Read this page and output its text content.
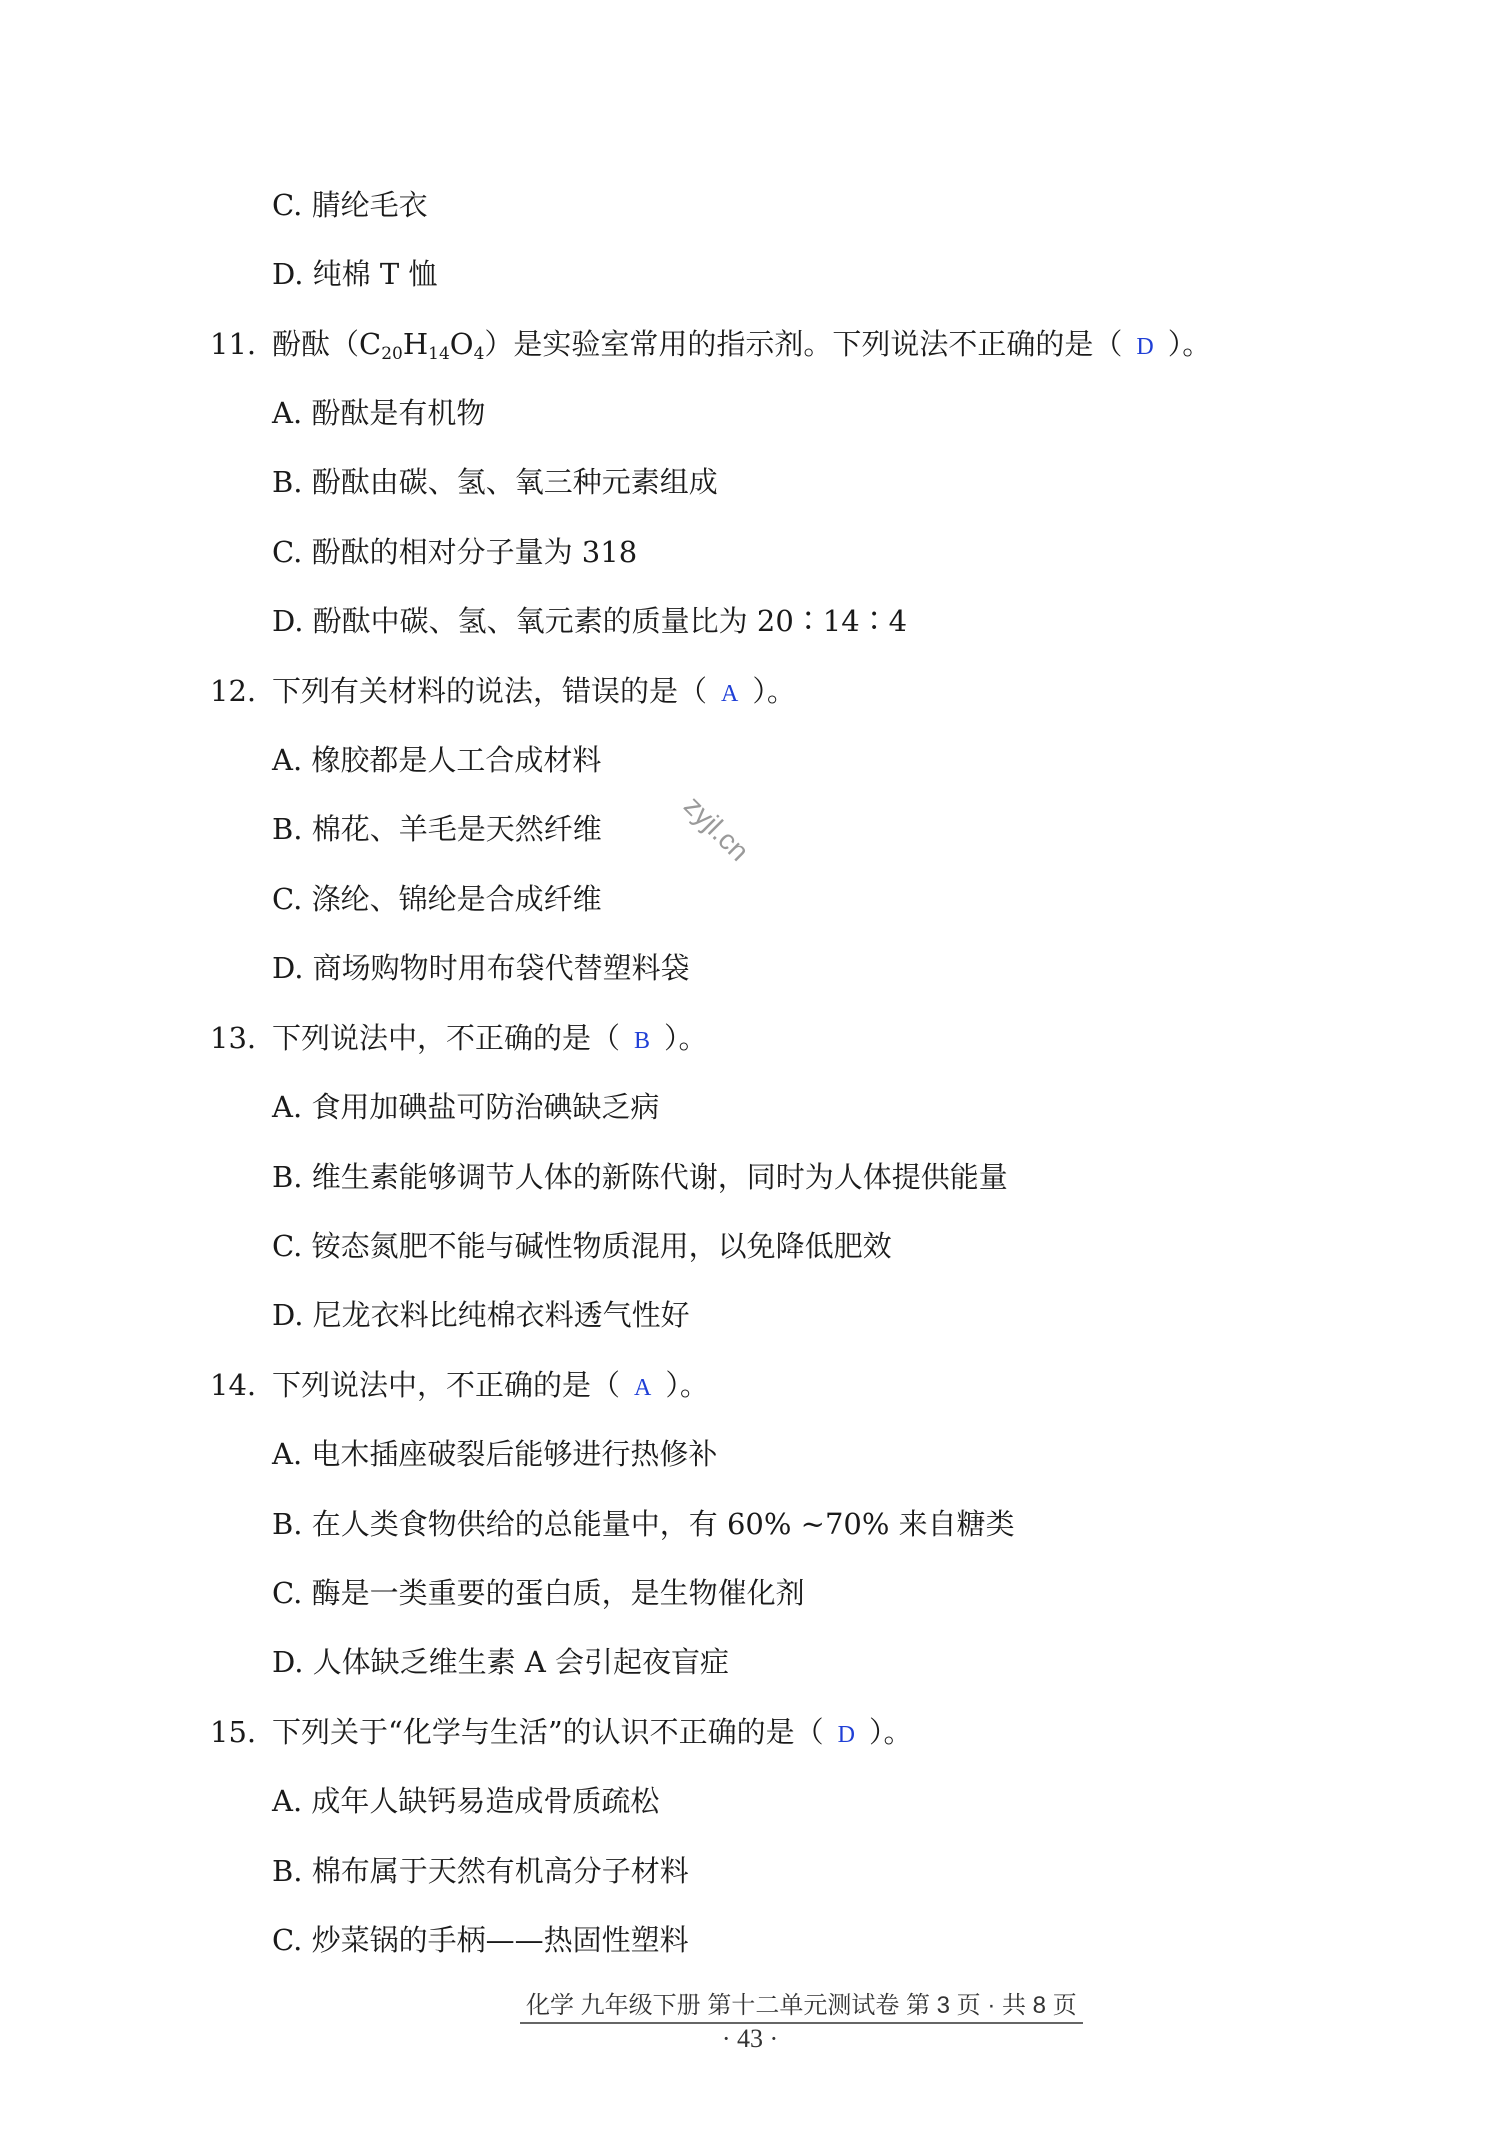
C. 腈纶毛衣
D. 纯棉 T 恤
11. 酚酞$(C_{20}H_{14}O_4)$是实验室常用的指示剂。下列说法不正确的是（ D ）。
A. 酚酞是有机物
B. 酚酞由碳、氢、氧三种元素组成
C. 酚酞的相对分子量为 318
D. 酚酞中碳、氢、氧元素的质量比为 20∶14∶4
12. 下列有关材料的说法，错误的是（ A ）。
A. 橡胶都是人工合成材料
B. 棉花、羊毛是天然纤维
C. 涤纶、锦纶是合成纤维
D. 商场购物时用布袋代替塑料袋
13. 下列说法中，不正确的是（ B ）。
A. 食用加碘盐可防治碘缺乏病
B. 维生素能够调节人体的新陈代谢，同时为人体提供能量
C. 铵态氮肥不能与碱性物质混用，以免降低肥效
D. 尼龙衣料比纯棉衣料透气性好
14. 下列说法中，不正确的是（ A ）。
A. 电木插座破裂后能够进行热修补
B. 在人类食物供给的总能量中，有 60% ~70% 来自糖类
C. 酶是一类重要的蛋白质，是生物催化剂
D. 人体缺乏维生素 A 会引起夜盲症
15. 下列关于“化学与生活”的认识不正确的是（ D ）。
A. 成年人缺钙易造成骨质疏松
B. 棉布属于天然有机高分子材料
C. 炒菜锅的手柄——热固性塑料
zyjl.cn
化学 九年级下册 第十二单元测试卷 第 3 页 · 共 8 页
· 43 ·
